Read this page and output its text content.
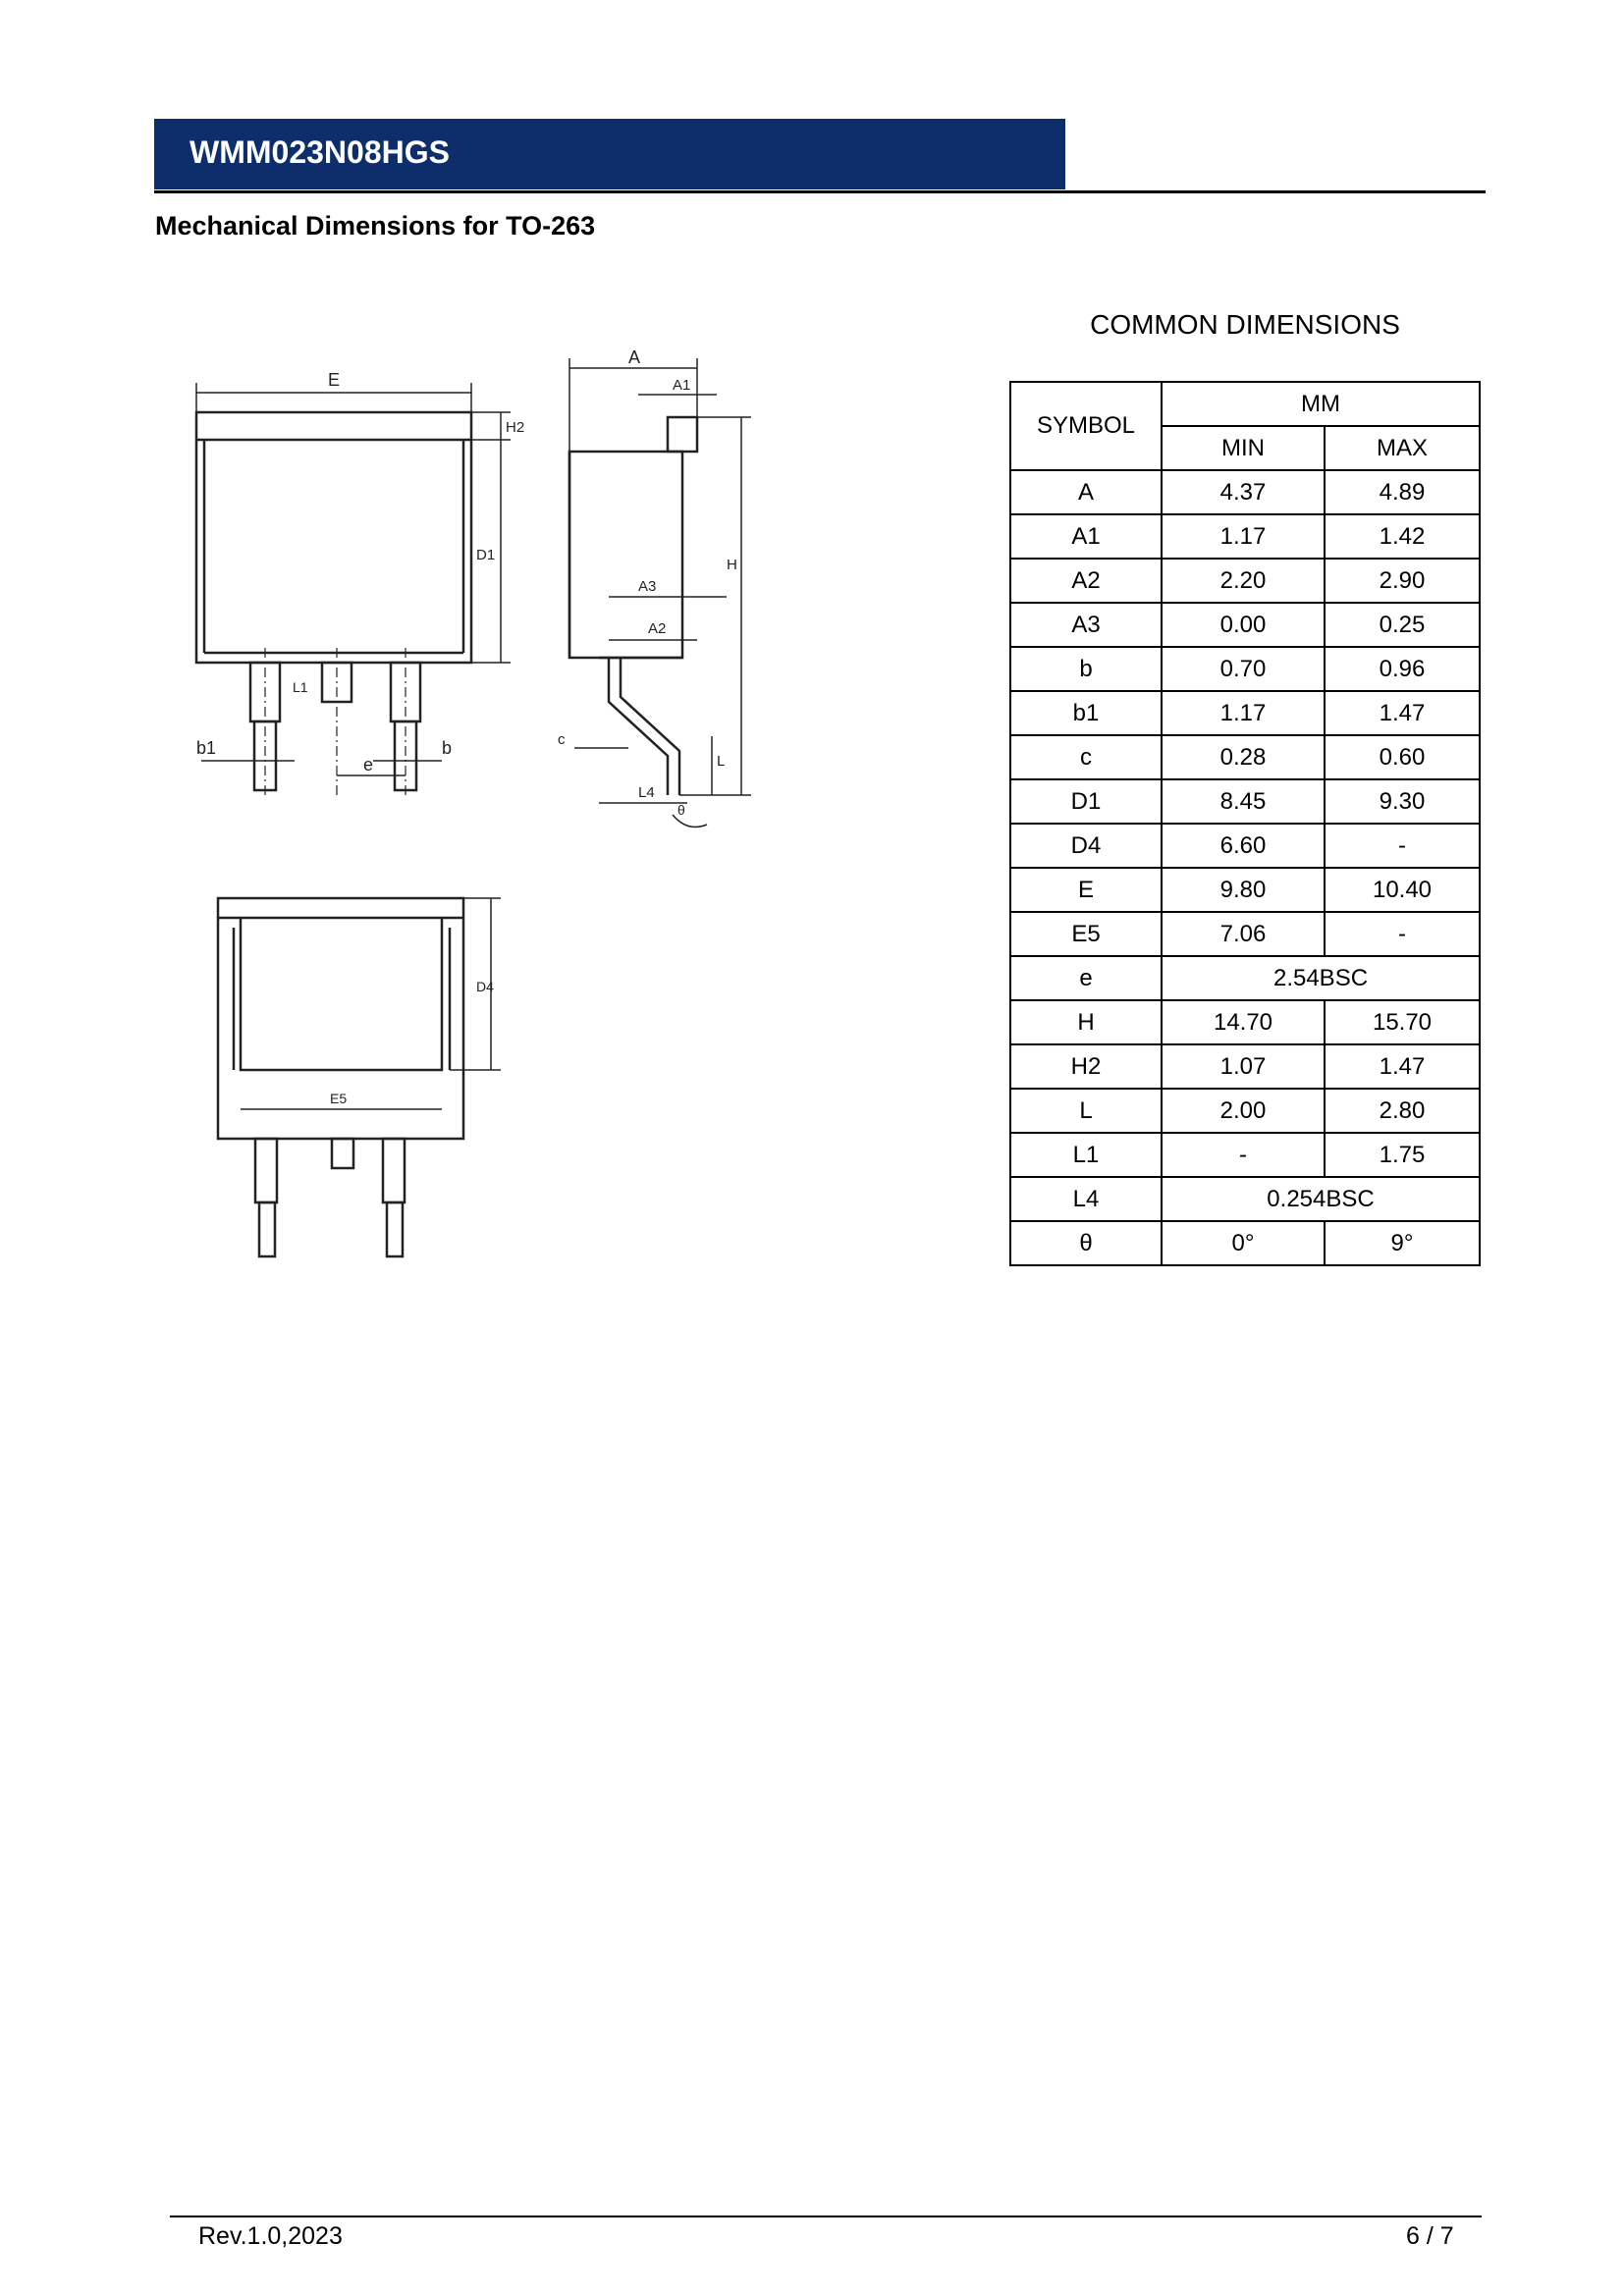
WMM023N08HGS
Mechanical Dimensions for TO-263
E
H2
D1
L1
b1
e
b
A
A1
A3
A2
H
c
L
L4
θ
D4
E5
COMMON DIMENSIONS
SYMBOL	MM	
	MIN	MAX
A	4.37	4.89
A1	1.17	1.42
A2	2.20	2.90
A3	0.00	0.25
b	0.70	0.96
b1	1.17	1.47
c	0.28	0.60
D1	8.45	9.30
D4	6.60	-
E	9.80	10.40
E5	7.06	-
e	2.54BSC	
H	14.70	15.70
H2	1.07	1.47
L	2.00	2.80
L1	-	1.75
L4	0.254BSC	
θ	0°	9°
Rev.1.0,2023	6 / 7
